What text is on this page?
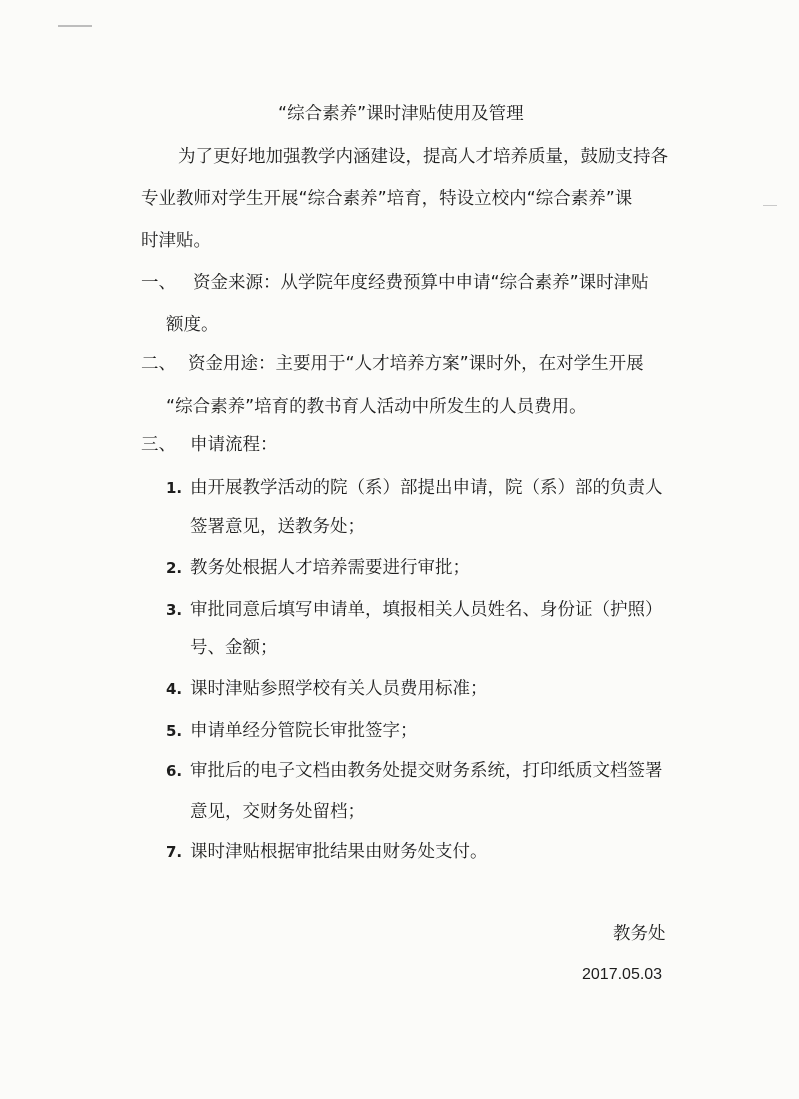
“综合素养”课时津贴使用及管理
为了更好地加强教学内涵建设，提高人才培养质量，鼓励支持各
专业教师对学生开展“综合素养”培育，特设立校内“综合素养”课
时津贴。
一、 资金来源：从学院年度经费预算中申请“综合素养”课时津贴
额度。
二、 资金用途：主要用于“人才培养方案”课时外，在对学生开展
“综合素养”培育的教书育人活动中所发生的人员费用。
三、 申请流程：
1. 由开展教学活动的院（系）部提出申请，院（系）部的负责人
签署意见，送教务处；
2. 教务处根据人才培养需要进行审批；
3. 审批同意后填写申请单，填报相关人员姓名、身份证（护照）
号、金额；
4. 课时津贴参照学校有关人员费用标准；
5. 申请单经分管院长审批签字；
6. 审批后的电子文档由教务处提交财务系统，打印纸质文档签署
意见，交财务处留档；
7. 课时津贴根据审批结果由财务处支付。
教务处
2017.05.03
